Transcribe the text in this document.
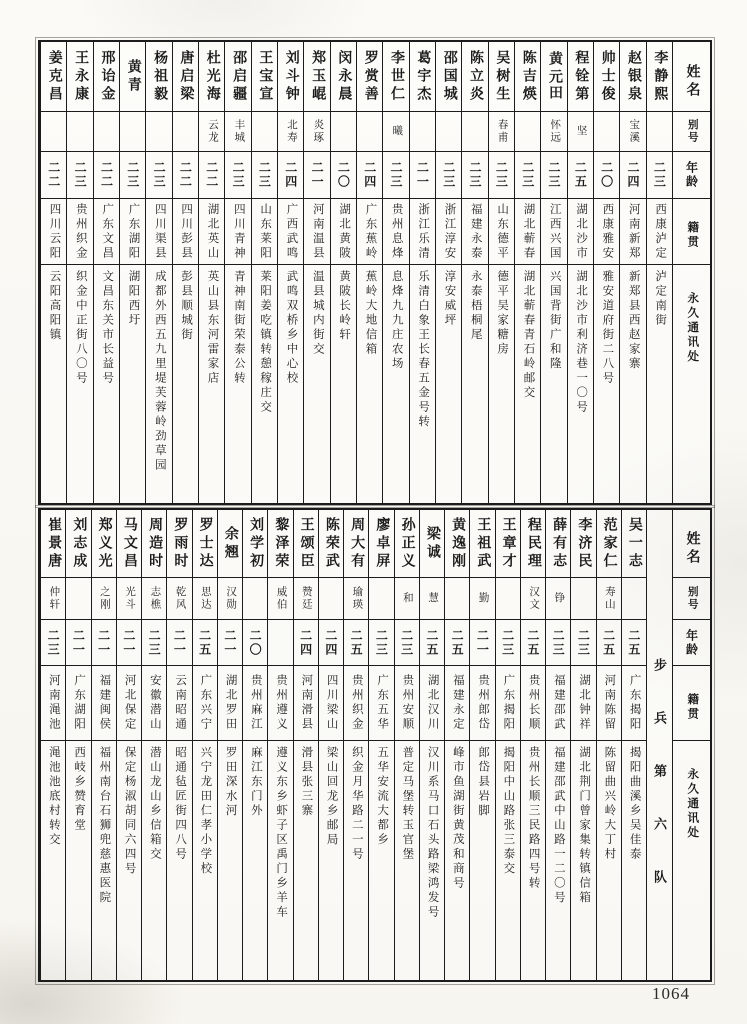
姓名
别号
年龄
籍贯
永久通讯处
李静熙
二三
西康泸定
泸定南街
赵银泉
宝溪
二四
河南新郑
新郑县西赵家寨
帅士俊
二〇
西康雅安
雅安道府街二八号
程铨第
坚
二五
湖北沙市
湖北沙市利济巷一〇号
黄元
田
怀远
二三
江西兴国
兴国背街广和隆
陈吉煐
二三
湖北蕲春
湖北蕲春青石岭邮交
吴树生
春甫
二三
山东德平
德平吴家糖房
陈立炎
二三
福建永泰
永泰梧桐尾
邵国城
二三
浙江淳安
淳安威坪
葛宇杰
二一
浙江乐清
乐清白象王长春五金号转
李世仁
曦
二三
贵州息烽
息烽九九庄农场
罗赏善
二四
广东蕉岭
蕉岭大地信箱
闵永晨
二〇
湖北黄陂
黄陂长岭轩
郑玉崐
炎琢
二一
河南温县
温县城内街交
刘斗钟
北寿
二四
广西武鸣
武鸣双桥乡中心校
王宝宣
二三
山东莱阳
莱阳姜吃镇转憩稼庄交
邵启疆
丰城
二三
四川青神
青神南街荣泰公转
杜光海
云龙
二二
湖北英山
英山县东河雷家店
唐启梁
二二
四川彭县
彭县顺城街
杨祖毅
二三
四川渠县
成都外西五九里堤芙蓉岭劲草园
黄青
二三
广东湖阳
湖阳西圩
邢诒金
二二
广东文昌
文昌东关市长益号
王永康
二三
贵州织金
织金中正街八〇号
姜克昌
二二
四川云阳
云阳高阳镇
姓名
别号
年龄
籍贯
永久通讯处
步兵第六队
吴一志
二五
广东揭阳
揭阳曲溪乡吴佳泰
范家仁
寿山
二五
河南陈留
陈留曲兴岭大丁村
李济民
二三
湖北钟祥
湖北荆门曾家集转镇信箱
薛有志
铮
二三
福建邵武
福建邵武中山路一二〇号
程民理
汉文
二五
贵州长顺
贵州长顺三民路四号转
王章才
二三
广东揭阳
揭阳中山路张三泰交
王祖武
勤
二一
贵州郎岱
郎岱县岩脚
黄逸刚
二五
福建永定
峰市鱼湖街黄茂和商号
梁诚
慧
二五
湖北汉川
汉川系马口石头路梁鸿发号
孙正义
和
二三
贵州安顺
普定马堡转玉官堡
廖卓屏
二三
广东五华
五华安流大都乡
周大有
瑜瑛
二五
贵州织金
织金月华路二一号
陈荣武
二四
四川梁山
梁山回龙乡邮局
王颂臣
赞廷
二四
河南滑县
滑县张三寨
黎泽荣
威伯
贵州遵义
遵义东乡虾子区禹门乡羊车
刘学初
二〇
贵州麻江
麻江东门外
余翘
汉勋
二一
湖北罗田
罗田深水河
罗士达
思达
二五
广东兴宁
兴宁龙田仁孝小学校
罗雨时
乾风
二一
云南昭通
昭通毡匠街四八号
周造时
志樵
二三
安徽潜山
潜山龙山乡信箱交
马文昌
光斗
二一
河北保定
保定杨淑胡同六四号
郑义光
之刚
二一
福建闽侯
福州南台石狮兜慈惠医院
刘志成
二一
广东湖阳
西岐乡赞育堂
崔景唐
仲轩
二三
河南渑池
渑池池底村转交
1064
